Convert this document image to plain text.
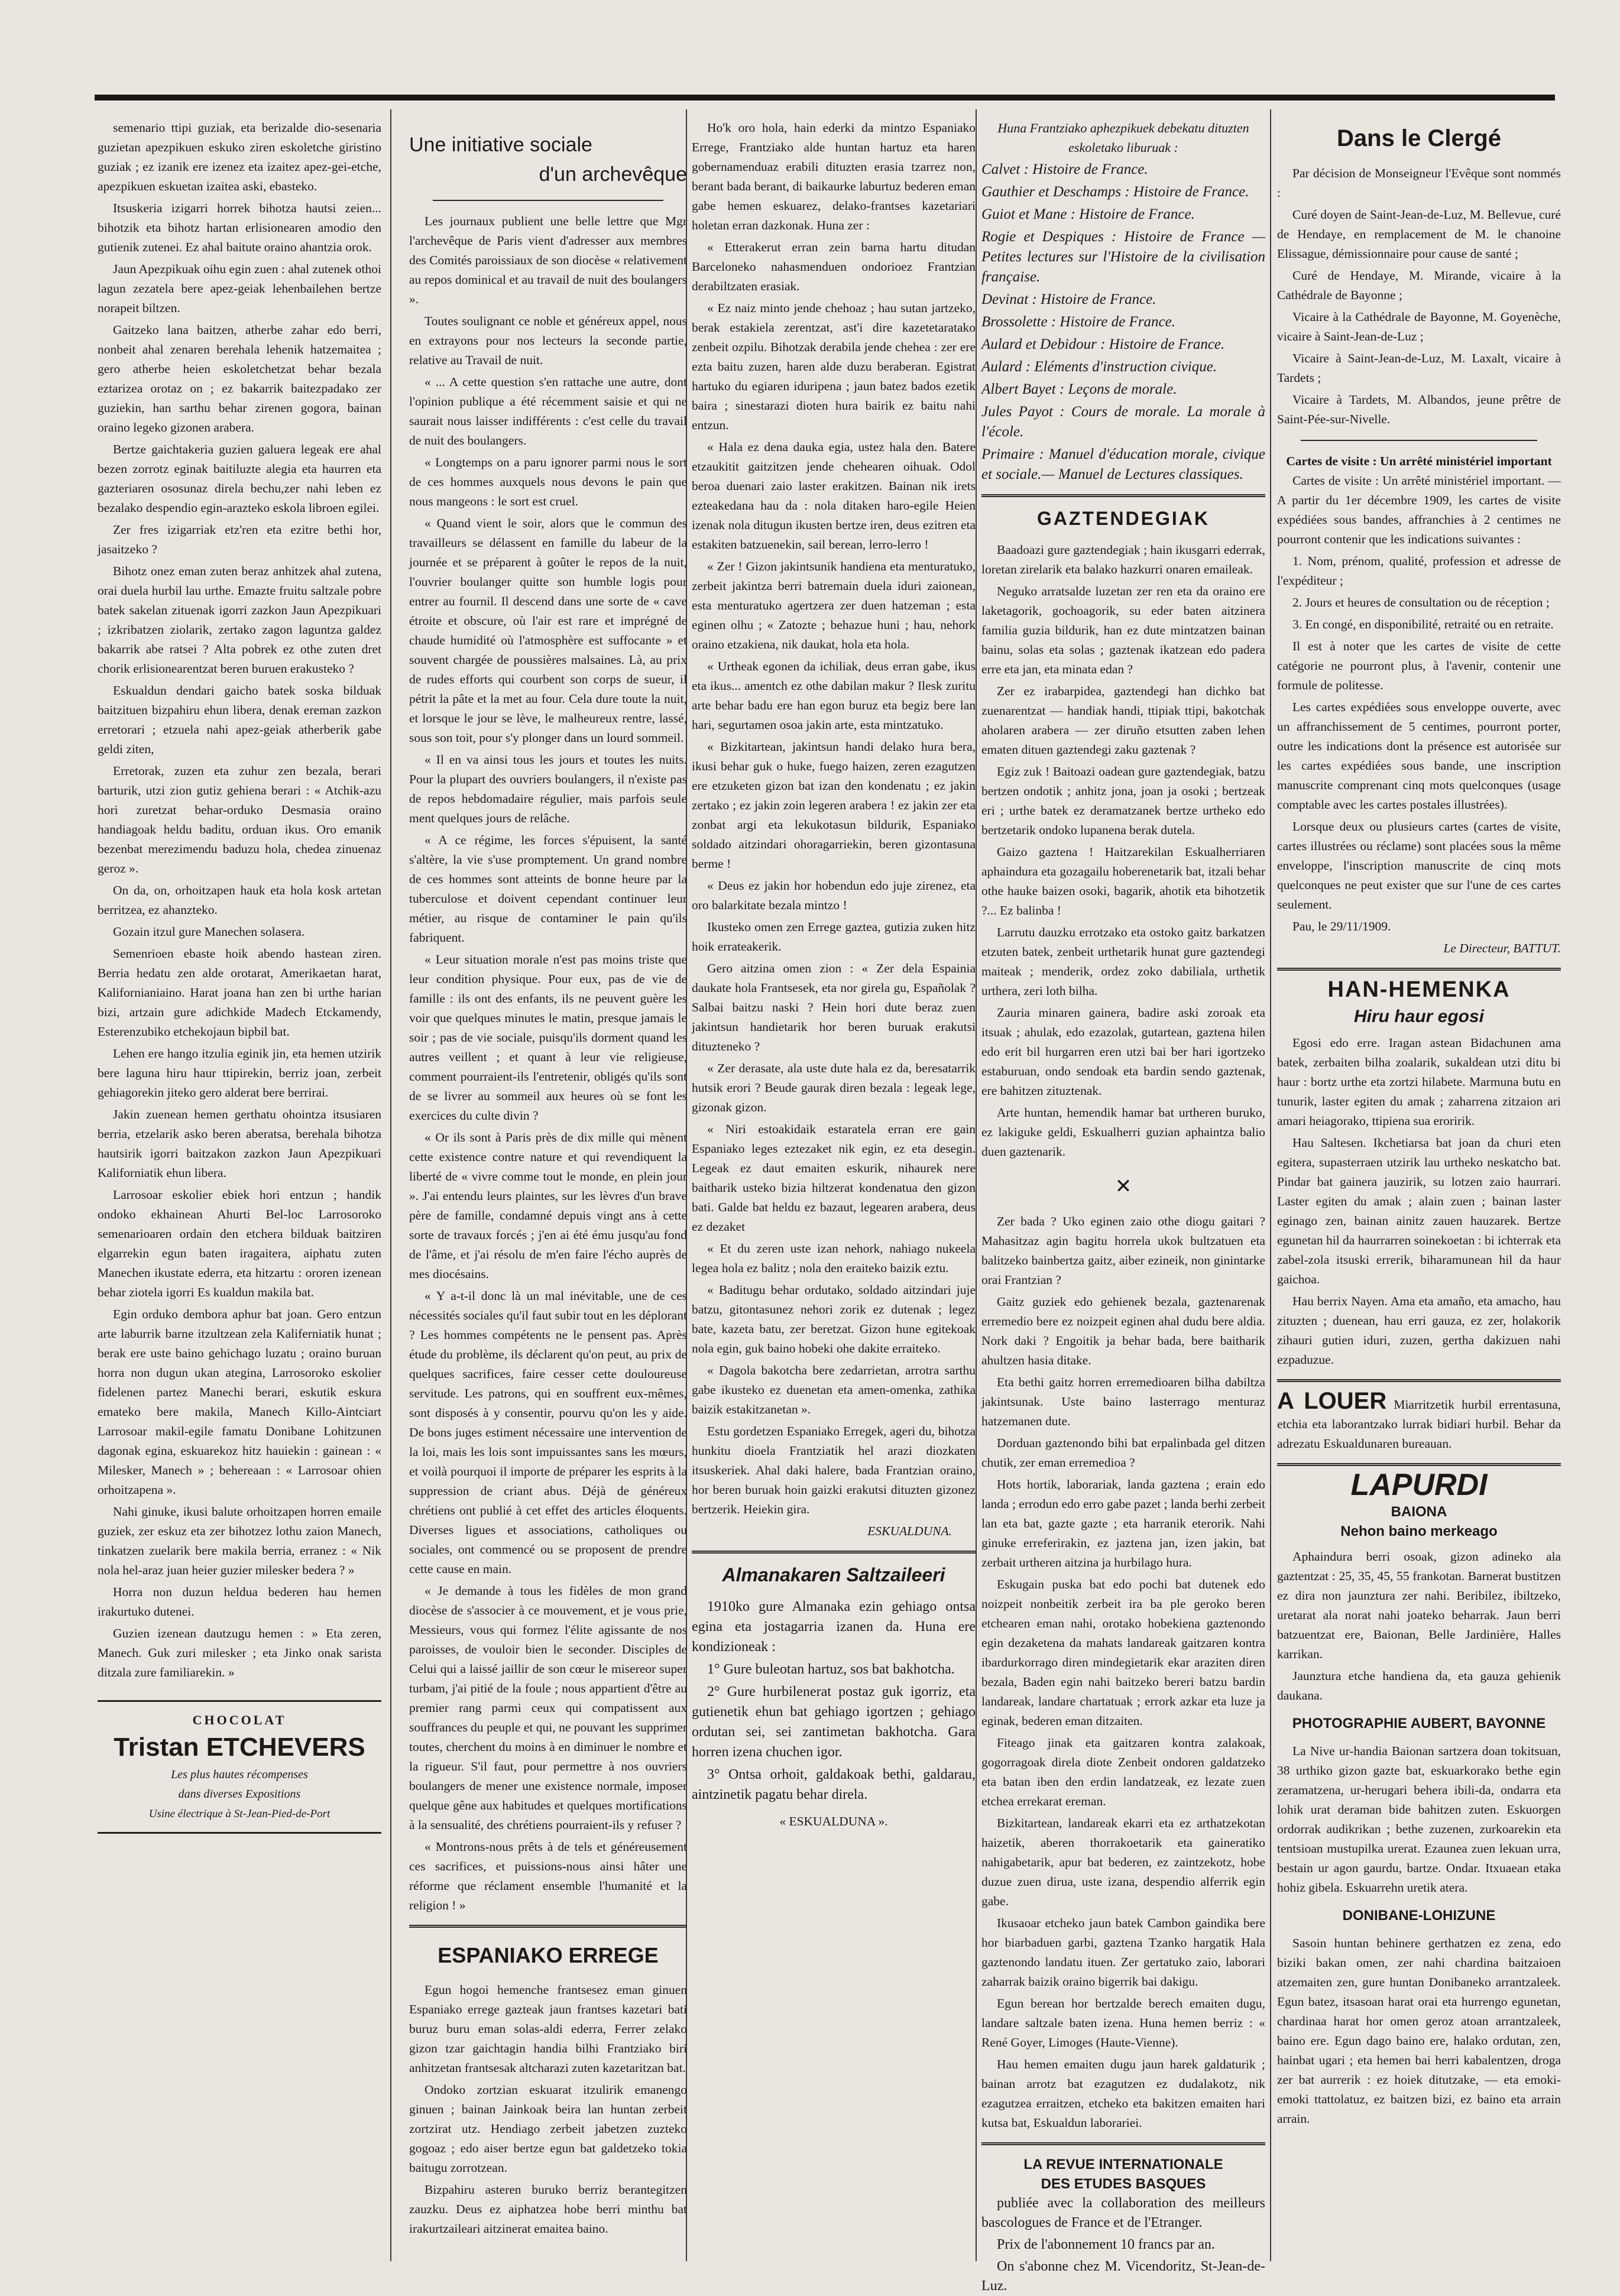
semenario ttipi guziak, eta berizalde dio-sesenaria guzietan apezpikuen eskuko ziren eskoletche giristino guziak ; ez izanik ere izenez eta izaitez apez-gei-etche, apezpikuen eskuetan izaitea aski, ebasteko.

Itsuskeria izigarri horrek bihotza hautsi zeien... bihotzik eta bihotz hartan erlisionearen amodio den gutienik zutenei. Ez ahal baitute oraino ahantzia orok.

Jaun Apezpikuak oihu egin zuen : ahal zutenek othoi lagun zezatela bere apez-geiak lehenbailehen bertze norapeit biltzen.

Gaitzeko lana baitzen, atherbe zahar edo berri, nonbeit ahal zenaren berehala lehenik hatzemaitea ; gero atherbe heien eskoletchetzat behar bezala eztarizea orotaz on ; ez bakarrik baitezpadako zer guziekin, han sarthu behar zirenen gogora, bainan oraino legeko gizonen arabera.

Bertze gaichtakeria guzien galuera legeak ere ahal bezen zorrotz eginak baitiluzte alegia eta haurren eta gazteriaren ososunaz direla bechu,zer nahi leben ez bezalako despendio egin-arazteko eskola libroen egilei.

Zer fres izigarriak etz'ren eta ezitre bethi hor, jasaitzeko ?

Bihotz onez eman zuten beraz anhitzek ahal zutena, orai duela hurbil lau urthe. Emazte fruitu saltzale pobre batek sakelan zituenak igorri zazkon Jaun Apezpikuari ; izkribatzen ziolarik, zertako zagon laguntza galdez bakarrik abe ratsei ? Alta pobrek ez othe zuten dret chorik erlisionearentzat beren buruen erakusteko ?

Eskualdun dendari gaicho batek soska bilduak baitzituen bizpahiru ehun libera, denak ereman zazkon erretorari ; etzuela nahi apez-geiak atherberik gabe geldi ziten,

Erretorak, zuzen eta zuhur zen bezala, berari barturik, utzi zion gutiz gehiena berari : « Atchik-azu hori zuretzat behar-orduko Desmasia oraino handiagoak heldu baditu, orduan ikus. Oro emanik bezenbat merezimendu baduzu hola, chedea zinuenaz geroz ».

On da, on, orhoitzapen hauk eta hola kosk artetan berritzea, ez ahanzteko.

Gozain itzul gure Manechen solasera.

Semenrioen ebaste hoik abendo hastean ziren. Berria hedatu zen alde orotarat, Amerikaetan harat, Kalifornianiaino. Harat joana han zen bi urthe harian bizi, artzain gure adichkide Madech Etckamendy, Esterenzubiko etchekojaun bipbil bat.

Lehen ere hango itzulia eginik jin, eta hemen utzirik bere laguna hiru haur ttipirekin, berriz joan, zerbeit gehiagorekin jiteko gero alderat bere berrirai.

Jakin zuenean hemen gerthatu ohointza itsusiaren berria, etzelarik asko beren aberatsa, berehala bihotza hautsirik igorri baitzakon zazkon Jaun Apezpikuari Kaliforniatik ehun libera.

Larrosoar eskolier ebiek hori entzun ; handik ondoko ekhainean Ahurti Bel-loc Larrosoroko semenarioaren ordain den etchera bilduak baitziren elgarrekin egun baten iragaitera, aiphatu zuten Manechen ikustate ederra, eta hitzartu : ororen izenean behar ziotela igorri Es kualdun makila bat.

Egin orduko dembora aphur bat joan. Gero entzun arte laburrik barne itzultzean zela Kaliferniatik hunat ; berak ere uste baino gehichago luzatu ; oraino buruan horra non dugun ukan ategina, Larrosoroko eskolier fidelenen partez Manechi berari, eskutik eskura emateko bere makila, Manech Killo-Aintciart Larrosoar makil-egile famatu Donibane Lohitzunen dagonak egina, eskuarekoz hitz hauiekin : gainean : « Milesker, Manech » ; behereaan : « Larrosoar ohien orhoitzapena ».

Nahi ginuke, ikusi balute orhoitzapen horren emaile guziek, zer eskuz eta zer bihotzez lothu zaion Manech, tinkatzen zuelarik bere makila berria, erranez : « Nik nola hel-araz juan heier guzier milesker bedera ? »

Horra non duzun heldua bederen hau hemen irakurtuko dutenei.

Guzien izenean dautzugu hemen : » Eta zeren, Manech. Guk zuri milesker ; eta Jinko onak sarista ditzala zure familiarekin. »

CHOCOLAT
Tristan ETCHEVERS
Les plus hautes récompenses
dans diverses Expositions
Usine électrique à St-Jean-Pied-de-Port
Une initiative sociale
d'un archevêque

Les journaux publient une belle lettre que Mgr l'archevêque de Paris vient d'adresser aux membres des Comités paroissiaux de son diocèse « relativement au repos dominical et au travail de nuit des boulangers ».

Toutes soulignant ce noble et généreux appel, nous en extrayons pour nos lecteurs la seconde partie, relative au Travail de nuit.

« ... A cette question s'en rattache une autre, dont l'opinion publique a été récemment saisie et qui ne saurait nous laisser indifférents : c'est celle du travail de nuit des boulangers.

« Longtemps on a paru ignorer parmi nous le sort de ces hommes auxquels nous devons le pain que nous mangeons : le sort est cruel.

« Quand vient le soir, alors que le commun des travailleurs se délassent en famille du labeur de la journée et se préparent à goûter le repos de la nuit, l'ouvrier boulanger quitte son humble logis pour entrer au fournil. Il descend dans une sorte de « cave étroite et obscure, où l'air est rare et imprégné de chaude humidité où l'atmosphère est suffocante » et souvent chargée de poussières malsaines. Là, au prix de rudes efforts qui courbent son corps de sueur, il pétrit la pâte et la met au four. Cela dure toute la nuit, et lorsque le jour se lève, le malheureux rentre, lassé, sous son toit, pour s'y plonger dans un lourd sommeil.

« Il en va ainsi tous les jours et toutes les nuits. Pour la plupart des ouvriers boulangers, il n'existe pas de repos hebdomadaire régulier, mais parfois seule ment quelques jours de relâche.

« A ce régime, les forces s'épuisent, la santé s'altère, la vie s'use promptement. Un grand nombre de ces hommes sont atteints de bonne heure par la tuberculose et doivent cependant continuer leur métier, au risque de contaminer le pain qu'ils fabriquent.

« Leur situation morale n'est pas moins triste que leur condition physique. Pour eux, pas de vie de famille : ils ont des enfants, ils ne peuvent guère les voir que quelques minutes le matin, presque jamais le soir ; pas de vie sociale, puisqu'ils dorment quand les autres veillent ; et quant à leur vie religieuse, comment pourraient-ils l'entretenir, obligés qu'ils sont de se livrer au sommeil aux heures où se font les exercices du culte divin ?

« Or ils sont à Paris près de dix mille qui mènent cette existence contre nature et qui revendiquent la liberté de « vivre comme tout le monde, en plein jour ». J'ai entendu leurs plaintes, sur les lèvres d'un brave père de famille, condamné depuis vingt ans à cette sorte de travaux forcés ; j'en ai été ému jusqu'au fond de l'âme, et j'ai résolu de m'en faire l'écho auprès de mes diocésains.

« Y a-t-il donc là un mal inévitable, une de ces nécessités sociales qu'il faut subir tout en les déplorant ? Les hommes compétents ne le pensent pas. Après étude du problème, ils déclarent qu'on peut, au prix de quelques sacrifices, faire cesser cette douloureuse servitude. Les patrons, qui en souffrent eux-mêmes, sont disposés à y consentir, pourvu qu'on les y aide. De bons juges estiment nécessaire une intervention de la loi, mais les lois sont impuissantes sans les mœurs, et voilà pourquoi il importe de préparer les esprits à la suppression de criant abus. Déjà de généreux chrétiens ont publié à cet effet des articles éloquents. Diverses ligues et associations, catholiques ou sociales, ont commencé ou se proposent de prendre cette cause en main.

« Je demande à tous les fidèles de mon grand diocèse de s'associer à ce mouvement, et je vous prie, Messieurs, vous qui formez l'élite agissante de nos paroisses, de vouloir bien le seconder. Disciples de Celui qui a laissé jaillir de son cœur le misereor super turbam, j'ai pitié de la foule ; nous appartient d'être au premier rang parmi ceux qui compatissent aux souffrances du peuple et qui, ne pouvant les supprimer toutes, cherchent du moins à en diminuer le nombre et la rigueur. S'il faut, pour permettre à nos ouvriers boulangers de mener une existence normale, imposer quelque gêne aux habitudes et quelques mortifications à la sensualité, des chrétiens pourraient-ils y refuser ?

« Montrons-nous prêts à de tels et généreusement ces sacrifices, et puissions-nous ainsi hâter une réforme que réclament ensemble l'humanité et la religion ! »

ESPANIAKO ERREGE

Egun hogoi hemenche frantsesez eman ginuen Espaniako errege gazteak jaun frantses kazetari bati buruz buru eman solas-aldi ederra, Ferrer zelako gizon tzar gaichtagin handia bilhi Frantziako biri anhitzetan frantsesak altcharazi zuten kazetaritzan bat.

Ondoko zortzian eskuarat itzulirik emanengo ginuen ; bainan Jainkoak beira lan huntan zerbeit zortzirat utz. Hendiago zerbeit jabetzen zuzteko gogoaz ; edo aiser bertze egun bat galdetzeko tokia baitugu zorrotzean.

Bizpahiru asteren buruko berriz berantegitzen zauzku. Deus ez aiphatzea hobe berri minthu bat irakurtzaileari aitzinerat emaitea baino.

Ho'k oro hola, hain ederki da mintzo Espaniako Errege, Frantziako alde huntan hartuz eta haren gobernamenduaz erabili dituzten erasia tzarrez non, berant bada berant, di baikaurke laburtuz bederen eman gabe hemen eskuarez, delako-frantses kazetariari holetan erran dazkonak. Huna zer :

« Etterakerut erran zein barna hartu ditudan Barceloneko nahasmenduen ondorioez Frantzian derabiltzaten erasiak.

« Ez naiz minto jende chehoaz ; hau sutan jartzeko, berak estakiela zerentzat, ast'i dire kazetetaratako zenbeit ozpilu. Bihotzak derabila jende chehea : zer ere ezta baitu zuzen, haren alde duzu beraberan. Egistrat hartuko du egiaren iduripena ; jaun batez bados ezetik baira ; sinestarazi dioten hura bairik ez baitu nahi entzun.

« Hala ez dena dauka egia, ustez hala den. Batere etzaukitit gaitzitzen jende chehearen oihuak. Odol beroa duenari zaio laster erakitzen. Bainan nik irets ezteakedana hau da : nola ditaken haro-egile Heien izenak nola ditugun ikusten bertze iren, deus ezitren eta estakiten batzuenekin, sail berean, lerro-lerro !

« Zer ! Gizon jakintsunik handiena eta menturatuko, zerbeit jakintza berri batremain duela iduri zaionean, esta menturatuko agertzera zer duen hatzeman ; esta eginen olhu ; « Zatozte ; behazue huni ; hau, nehork oraino etzakiena, nik daukat, hola eta hola.

« Urtheak egonen da ichiliak, deus erran gabe, ikus eta ikus... amentch ez othe dabilan makur ? Ilesk zuritu arte behar badu ere han egon buruz eta begiz bere lan hari, segurtamen osoa jakin arte, esta mintzatuko.

« Bizkitartean, jakintsun handi delako hura bera, ikusi behar guk o huke, fuego haizen, zeren ezagutzen ere etzuketen gizon bat izan den kondenatu ; ez jakin zertako ; ez jakin zoin legeren arabera ! ez jakin zer eta zonbat argi eta lekukotasun bildurik, Espaniako soldado aitzindari ohoragarriekin, beren gizontasuna berme !

« Deus ez jakin hor hobendun edo juje zirenez, eta oro balarkitate bezala mintzo !

Ikusteko omen zen Errege gaztea, gutizia zuken hitz hoik errateakerik.

Gero aitzina omen zion : « Zer dela Espainia daukate hola Frantsesek, eta nor girela gu, Españolak ? Salbai baitzu naski ? Hein hori dute beraz zuen jakintsun handietarik hor beren buruak erakutsi dituzteneko ?

« Zer derasate, ala uste dute hala ez da, beresatarrik hutsik erori ? Beude gaurak diren bezala : legeak lege, gizonak gizon.

« Niri estoakidaik estaratela erran ere gain Espaniako leges eztezaket nik egin, ez eta desegin. Legeak ez daut emaiten eskurik, nihaurek nere baitharik usteko bizia hiltzerat kondenatua den gizon bati. Galde bat heldu ez bazaut, legearen arabera, deus ez dezaket

« Et du zeren uste izan nehork, nahiago nukeela legea hola ez balitz ; nola den eraiteko baizik eztu.

« Baditugu behar ordutako, soldado aitzindari juje batzu, gitontasunez nehori zorik ez dutenak ; legez bate, kazeta batu, zer beretzat. Gizon hune egitekoak nola egin, guk baino hobeki ohe dakite erraiteko.

« Dagola bakotcha bere zedarrietan, arrotra sarthu gabe ikusteko ez duenetan eta amen-omenka, zathika baizik estakitzanetan ».

Estu gordetzen Espaniako Erregek, ageri du, bihotza hunkitu dioela Frantziatik hel arazi diozkaten itsuskeriek. Ahal daki halere, bada Frantzian oraino, hor beren buruak hoin gaizki erakutsi dituzten gizonez bertzerik. Heiekin gira.

ESKUALDUNA.
Almanakaren Saltzaileeri

1910ko gure Almanaka ezin gehiago ontsa egina eta jostagarria izanen da. Huna ere kondizioneak :

1° Gure buleotan hartuz, sos bat bakhotcha.

2° Gure hurbilenerat postaz guk igorriz, eta gutienetik ehun bat gehiago igortzen ; gehiago ordutan sei, sei zantimetan bakhotcha. Gara horren izena chuchen igor.

3° Ontsa orhoit, galdakoak bethi, galdarau, aintzinetik pagatu behar direla.

« ESKUALDUNA ».

Huna Frantziako aphezpikuek debekatu dituzten eskoletako liburuak :

Calvet : Histoire de France.

Gauthier et Deschamps : Histoire de France.

Guiot et Mane : Histoire de France.

Rogie et Despiques : Histoire de France — Petites lectures sur l'Histoire de la civilisation française.

Devinat : Histoire de France.

Brossolette : Histoire de France.

Aulard et Debidour : Histoire de France.

Aulard : Eléments d'instruction civique.

Albert Bayet : Leçons de morale.

Jules Payot : Cours de morale. La morale à l'école.

Primaire : Manuel d'éducation morale, civique et sociale.— Manuel de Lectures classiques.

GAZTENDEGIAK

Baadoazi gure gaztendegiak ; hain ikusgarri ederrak, loretan zirelarik eta balako hazkurri onaren emaileak.

Neguko arratsalde luzetan zer ren eta da oraino ere laketagorik, gochoagorik, su eder baten aitzinera familia guzia bildurik, han ez dute mintzatzen bainan bainu, solas eta solas ; gaztenak ikatzean edo padera erre eta jan, eta minata edan ?

Zer ez irabarpidea, gaztendegi han dichko bat zuenarentzat — handiak handi, ttipiak ttipi, bakotchak aholaren arabera — zer diruño etsutten zaben lehen ematen dituen gaztendegi zaku gaztenak ?

Egiz zuk ! Baitoazi oadean gure gaztendegiak, batzu bertzen ondotik ; anhitz jona, joan ja osoki ; bertzeak eri ; urthe batek ez deramatzanek bertze urtheko edo bertzetarik ondoko lupanena berak dutela.

Gaizo gaztena ! Haitzarekilan Eskualherriaren aphaindura eta gozagailu hoberenetarik bat, itzali behar othe hauke baizen osoki, bagarik, ahotik eta bihotzetik ?... Ez balinba !

Larrutu dauzku errotzako eta ostoko gaitz barkatzen etzuten batek, zenbeit urthetarik hunat gure gaztendegi maiteak ; menderik, ordez zoko dabiliala, urthetik urthera, zeri loth bilha.

Zauria minaren gainera, badire aski zoroak eta itsuak ; ahulak, edo ezazolak, gutartean, gaztena hilen edo erit bil hurgarren eren utzi bai ber hari igortzeko estaburuan, ondo sendoak eta bardin sendo gaztenak, ere bahitzen zituztenak.

Arte huntan, hemendik hamar bat urtheren buruko, ez lakiguke geldi, Eskualherri guzian aphaintza balio duen gaztenarik.

✕

Zer bada ? Uko eginen zaio othe diogu gaitari ? Mahasitzaz agin bagitu horrela ukok bultzatuen eta balitzeko bainbertza gaitz, aiber ezineik, non ginintarke orai Frantzian ?

Gaitz guziek edo gehienek bezala, gaztenarenak erremedio bere ez noizpeit eginen ahal dudu bere aldia. Nork daki ? Engoitik ja behar bada, bere baitharik ahultzen hasia ditake.

Eta bethi gaitz horren erremedioaren bilha dabiltza jakintsunak. Uste baino lasterrago menturaz hatzemanen dute.

Dorduan gaztenondo bihi bat erpalinbada gel ditzen chutik, zer eman erremedioa ?

Hots hortik, laborariak, landa gaztena ; erain edo landa ; errodun edo erro gabe pazet ; landa berhi zerbeit lan eta bat, gazte gazte ; eta harranik eterorik. Nahi ginuke erreferirakin, ez jaztena jan, izen jakin, bat zerbait urtheren aitzina ja hurbilago hura.

Eskugain puska bat edo pochi bat dutenek edo noizpeit nonbeitik zerbeit ira ba ple geroko beren etchearen eman nahi, orotako hobekiena gaztenondo egin dezaketena da mahats landareak gaitzaren kontra ibardurkorrago diren mindegietarik ekar araziten diren bezala, Baden egin nahi baitzeko bereri batzu bardin landareak, landare chartatuak ; errork azkar eta luze ja eginak, bederen eman ditzaiten.

Fiteago jinak eta gaitzaren kontra zalakoak, gogorragoak direla diote Zenbeit ondoren galdatzeko eta batan iben den erdin landatzeak, ez lezate zuen etchea errekarat ereman.

Bizkitartean, landareak ekarri eta ez arthatzekotan haizetik, aberen thorrakoetarik eta gaineratiko nahigabetarik, apur bat bederen, ez zaintzekotz, hobe duzue zuen dirua, uste izana, despendio alferrik egin gabe.

Ikusaoar etcheko jaun batek Cambon gaindika bere hor biarbaduen garbi, gaztena Tzanko hargatik Hala gaztenondo landatu ituen. Zer gertatuko zaio, laborari zaharrak baizik oraino bigerrik bai dakigu.

Egun berean hor bertzalde berech emaiten dugu, landare saltzale baten izena. Huna hemen berriz : « René Goyer, Limoges (Haute-Vienne).

Hau hemen emaiten dugu jaun harek galdaturik ; bainan arrotz bat ezagutzen ez dudalakotz, nik ezagutzea erraitzen, etcheko eta bakitzen emaiten hari kutsa bat, Eskualdun laborariei.

LA REVUE INTERNATIONALE
DES ETUDES BASQUES

publiée avec la collaboration des meilleurs bascologues de France et de l'Etranger.

Prix de l'abonnement 10 francs par an.

On s'abonne chez M. Vicendoritz, St-Jean-de-Luz.

Dans le Clergé

Par décision de Monseigneur l'Evêque sont nommés :

Curé doyen de Saint-Jean-de-Luz, M. Bellevue, curé de Hendaye, en remplacement de M. le chanoine Elissague, démissionnaire pour cause de santé ;

Curé de Hendaye, M. Mirande, vicaire à la Cathédrale de Bayonne ;

Vicaire à la Cathédrale de Bayonne, M. Goyenèche, vicaire à Saint-Jean-de-Luz ;

Vicaire à Saint-Jean-de-Luz, M. Laxalt, vicaire à Tardets ;

Vicaire à Tardets, M. Albandos, jeune prêtre de Saint-Pée-sur-Nivelle.

Cartes de visite : Un arrêté ministériel important

Cartes de visite : Un arrêté ministériel important. — A partir du 1er décembre 1909, les cartes de visite expédiées sous bandes, affranchies à 2 centimes ne pourront contenir que les indications suivantes :

1. Nom, prénom, qualité, profession et adresse de l'expéditeur ;

2. Jours et heures de consultation ou de réception ;

3. En congé, en disponibilité, retraité ou en retraite.

Il est à noter que les cartes de visite de cette catégorie ne pourront plus, à l'avenir, contenir une formule de politesse.

Les cartes expédiées sous enveloppe ouverte, avec un affranchissement de 5 centimes, pourront porter, outre les indications dont la présence est autorisée sur les cartes expédiées sous bande, une inscription manuscrite comprenant cinq mots quelconques (usage comptable avec les cartes postales illustrées).

Lorsque deux ou plusieurs cartes (cartes de visite, cartes illustrées ou réclame) sont placées sous la même enveloppe, l'inscription manuscrite de cinq mots quelconques ne peut exister que sur l'une de ces cartes seulement.

Pau, le 29/11/1909.

Le Directeur, BATTUT.
HAN-HEMENKA
Hiru haur egosi

Egosi edo erre. Iragan astean Bidachunen ama batek, zerbaiten bilha zoalarik, sukaldean utzi ditu bi haur : bortz urthe eta zortzi hilabete. Marmuna butu en tunurik, laster egiten du amak ; zaharrena zitzaion ari amari heiagorako, ttipiena sua eroririk.

Hau Saltesen. Ikchetiarsa bat joan da churi eten egitera, supasterraen utzirik lau urtheko neskatcho bat. Pindar bat gainera jauzirik, su lotzen zaio haurrari. Laster egiten du amak ; alain zuen ; bainan laster eginago zen, bainan ainitz zauen hauzarek. Bertze egunetan hil da haurrarren soinekoetan : bi ichterrak eta zabel-zola itsuski errerik, biharamunean hil da haur gaichoa.

Hau berrix Nayen. Ama eta amaño, eta amacho, hau zituzten ; duenean, hau erri gauza, ez zer, holakorik zihauri gutien iduri, zuzen, gertha dakizuen nahi ezpaduzue.

A LOUER Miarritzetik hurbil errentasuna, etchia eta laborantzako lurrak bidiari hurbil. Behar da adrezatu Eskualdunaren bureauan.

LAPURDI
BAIONA
Nehon baino merkeago

Aphaindura berri osoak, gizon adineko ala gaztentzat : 25, 35, 45, 55 frankotan. Barnerat bustitzen ez dira non jaunztura zer nahi. Beribilez, ibiltzeko, uretarat ala norat nahi joateko beharrak. Jaun berri batzuentzat ere, Baionan, Belle Jardinière, Halles karrikan.

Jaunztura etche handiena da, eta gauza gehienik daukana.

PHOTOGRAPHIE AUBERT, BAYONNE

La Nive ur-handia Baionan sartzera doan tokitsuan, 38 urthiko gizon gazte bat, eskuarkorako bethe egin zeramatzena, ur-herugari behera ibili-da, ondarra eta lohik urat deraman bide bahitzen zuten. Eskuorgen ordorrak audikrikan ; bethe zuzenen, zurkoarekin eta tentsioan mustupilka urerat. Ezaunea zuen lekuan urra, bestain ur agon gaurdu, bartze. Ondar. Itxuaean etaka hohiz gibela. Eskuarrehn uretik atera.

DONIBANE-LOHIZUNE

Sasoin huntan behinere gerthatzen ez zena, edo biziki bakan omen, zer nahi chardina baitzaioen atzemaiten zen, gure huntan Donibaneko arrantzaleek. Egun batez, itsasoan harat orai eta hurrengo egunetan, chardinaa harat hor omen geroz atoan arrantzaleek, baino ere. Egun dago baino ere, halako ordutan, zen, hainbat ugari ; eta hemen bai herri kabalentzen, droga zer bat aurrerik : ez hoiek ditutzake, — eta emoki-emoki ttattolatuz, ez baitzen bizi, ez baino eta arrain arrain.
